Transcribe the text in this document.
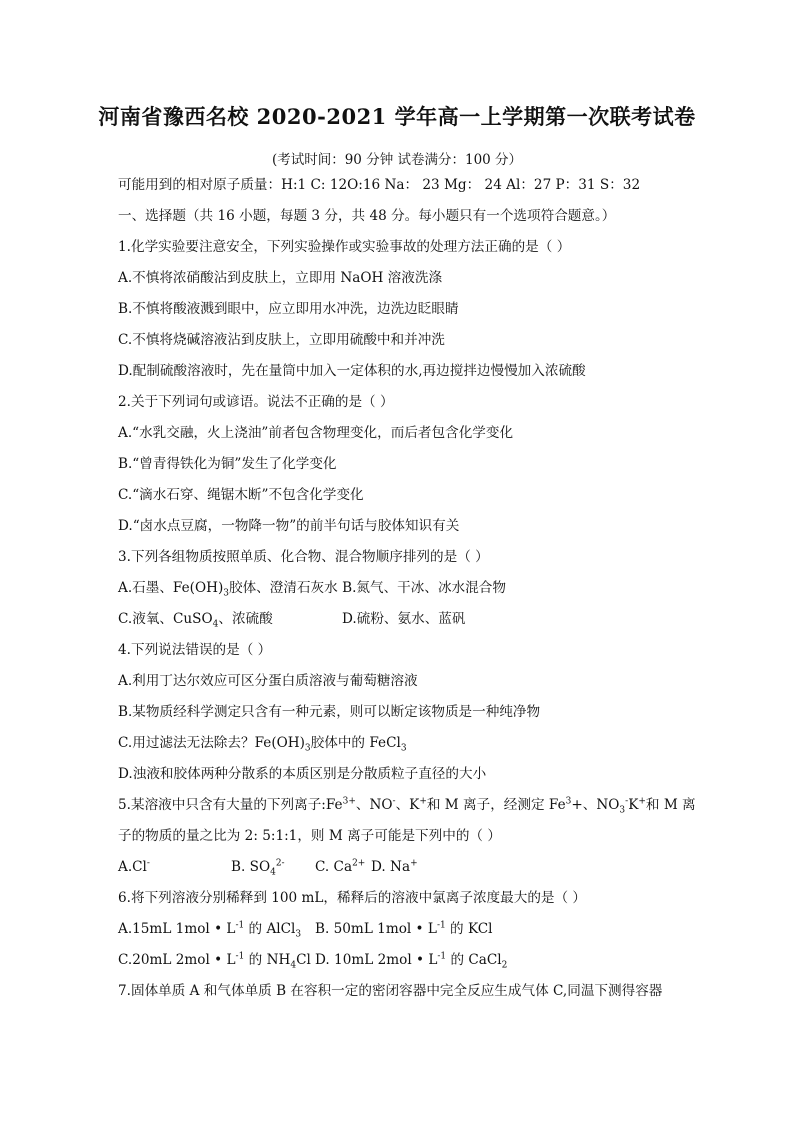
河南省豫西名校 2020-2021 学年高一上学期第一次联考试卷
(考试时间：90 分钟 试卷满分：100 分）
可能用到的相对原子质量：H:1 C: 12O:16 Na： 23 Mg： 24 Al：27 P：31 S：32
一、选择题（共 16 小题，每题 3 分，共 48 分。每小题只有一个选项符合题意。）
1.化学实验要注意安全，下列实验操作或实验事故的处理方法正确的是（ ）
A.不慎将浓硝酸沾到皮肤上，立即用 NaOH 溶液洗涤
B.不慎将酸液溅到眼中，应立即用水冲洗，边洗边眨眼睛
C.不慎将烧碱溶液沾到皮肤上，立即用硫酸中和并冲洗
D.配制硫酸溶液时，先在量筒中加入一定体积的水,再边搅拌边慢慢加入浓硫酸
2.关于下列词句或谚语。说法不正确的是（ ）
A.“水乳交融，火上浇油”前者包含物理变化，而后者包含化学变化
B.“曾青得铁化为铜”发生了化学变化
C.“滴水石穿、绳锯木断”不包含化学变化
D.“卤水点豆腐，一物降一物”的前半句话与胶体知识有关
3.下列各组物质按照单质、化合物、混合物顺序排列的是（ ）
A.石墨、$Fe(OH)_3$胶体、澄清石灰水 B.氮气、干冰、冰水混合物
C.液氧、CuSO$_4$、浓硫酸	D.硫粉、氨水、蓝矾
4.下列说法错误的是（ ）
A.利用丁达尔效应可区分蛋白质溶液与葡萄糖溶液
B.某物质经科学测定只含有一种元素，则可以断定该物质是一种纯净物
C.用过滤法无法除去？$Fe(OH)_3$胶体中的 FeCl$_3$
D.浊液和胶体两种分散系的本质区别是分散质粒子直径的大小
5.某溶液中只含有大量的下列离子$:Fe^{3+}$、NO-、K+和 M 离子，经测定 $Fe^3+$、$NO_3^-K^+$和 M 离
子的物质的量之比为 2: 5:1:1，则 M 离子可能是下列中的（ ）
A.Cl-	B. $SO_4^{2-}$ C. $Ca^{2+}$ D. Na+
6.将下列溶液分别稀释到 100 mL，稀释后的溶液中氯离子浓度最大的是（ ）
A.15mL 1mol • $L^{-1}$ 的 AlCl$_3$ B. 50mL 1mol • $L^{-1}$ 的 KCl
C.20mL 2mol • $L^{-1}$ 的 $NH_4Cl$ D. 10mL 2mol • $L^{-1}$ 的 CaCl$_2$
7.固体单质 A 和气体单质 B 在容积一定的密闭容器中完全反应生成气体 C,同温下测得容器
